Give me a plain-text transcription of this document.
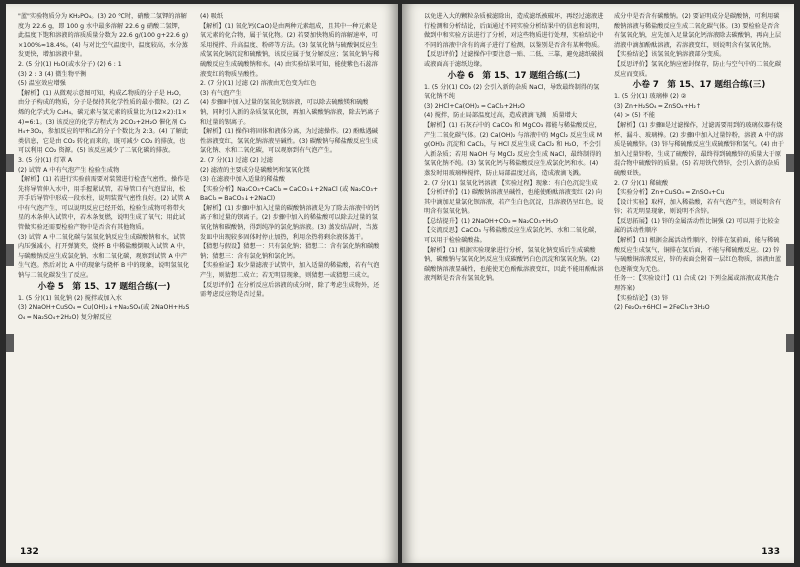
"蓝"实验物质分为 KH₂PO₄。(3) 20 ℃时，硝酸二氢钾的溶解度为 22.6 g，即 100 g 水中最多溶解 22.6 g 硝酸二氢钾，此温度下饱和溶液的溶质质量分数为 22.6 g/(100 g+22.6 g)×100%≈18.4%。(4) 与对比空气温度中，温度较高，水分蒸发更快，增加溶液中量。

2. (5 分)(1) H₂O(或水分子) (2) 6 : 1

(3) 2 : 3 (4) 微生物平衡

(5) 温室效应增强

【解析】(1) 从微观示意图可知，构成乙物质的分子是 H₂O，由分子构成的物质，分子是保持其化学性质的最小微粒。(2) 乙烯的化学式为 C₂H₄，碳元素与氢元素的质量比为(12×2):(1×4)=6:1。(3) 该反应的化学方程式为 2CO₂+2H₂O 催化剂 C₂H₄+3O₂，参加反应的甲和乙的分子个数比为 2:3。(4) 了解此类信息，它是由 CO₂ 转化而来的，既可减少 CO₂ 的排放，也可以利用 CO₂ 资源。(5) 该反应减少了二氧化碳的排放。

3. (5 分)(1) 灯罩 A

(2) 试管 A 中有气泡产生 检验生成物

【解析】(1) 若进行实验前需要对装置进行检查气密性，操作是先将导管伸入水中，用手握紧试管，若导管口有气泡冒出，松开手后导管中形成一段水柱，说明装置气密性良好。(2) 试管 A 中有气泡产生，可以说明反应已经开始，检验生成物可将带火星的木条伸入试管中，若木条复燃，说明生成了氧气；用此试管做实验还需要检验产物中是否含有其他物质。

(3) 试管 A 中二氧化碳与氢氧化钠反应生成碳酸钠和水，试管内压强减小，打开弹簧夹，烧杯 B 中稀盐酸倒吸入试管 A 中，与碳酸钠反应生成氯化钠、水和二氧化碳，观察到试管 A 中产生气泡。然后对比 A 中的现象与烧杯 B 中的现象，说明氢氧化钠与二氧化碳发生了反应。

小卷 5　第 15、17 题组合练(一)

1. (5 分)(1) 氧化钠 (2) 搅拌或加入水

(3) 2NaOH+CuSO₄ ═ Cu(OH)₂↓+Na₂SO₄(或 2NaOH+H₂SO₄ ═ Na₂SO₄+2H₂O) 复分解反应

(4) 吸纸

【解析】(1) 氧化钙(CaO)是由两种元素组成，且其中一种元素是氧元素的化合物，属于氧化物。(2) 若要加快物质的溶解速率，可采用搅拌、升高温度、粉碎等方法。(3) 氢氧化钠与硫酸铜反应生成氢氧化铜沉淀和硫酸钠，该反应属于复分解反应；氢氧化钠与稀硫酸反应生成硫酸钠和水。(4) 由实验结果可知，能使紫色石蕊溶液变红的物质呈酸性。

2. (7 分)(1) 过滤 (2) 溶液由无色变为红色

(3) 有气泡产生

(4) 步骤Ⅱ中加入过量的氢氧化钡溶液，可以除去硫酸镁和硫酸钠，同时引入新的杂质氢氧化钡，再加入碳酸钠溶液，除去钙离子和过量的钡离子。

【解析】(1) 操作Ⅰ将固体和液体分离，为过滤操作。(2) 酚酞遇碱性溶液变红，氢氧化钠溶液呈碱性。(3) 碳酸钠与稀盐酸反应生成氯化钠、水和二氧化碳，可以观察到有气泡产生。

2. (7 分)(1) 过滤 (2) 过滤

(2) 滤渣的主要成分是碳酸钙和氢氧化镁

(3) 在滤液中加入适量的稀盐酸

【实验分析】Na₂CO₃+CaCl₂ ═ CaCO₃↓+2NaCl (或 Na₂CO₃+BaCl₂ ═ BaCO₃↓+2NaCl)

【解析】(1) 步骤Ⅰ中加入过量的碳酸钠溶液是为了除去溶液中的钙离子和过量的钡离子。(2) 步骤中加入的稀盐酸可以除去过量的氢氧化钠和碳酸钠，得到纯净的氯化钠溶液。(3) 蒸发结晶时，当蒸发皿中出现较多固体时停止加热，利用余热将剩余液体蒸干。

【猜想与假设】猜想一：只有氯化钠；猜想二：含有氯化钠和碳酸钠；猜想三：含有氯化钠和氯化钙。

【实验验证】取少量滤液于试管中，加入适量的稀盐酸，若有气泡产生，则猜想二成立；若无明显现象，则猜想一或猜想三成立。

【反思评价】在分析反应后溶液的成分时，除了考虑生成物外，还需考虑反应物是否过量。

132

以免进入大的颗粒杂质被滤除出，造成滤纸被破坏，再经过滤液进行检测和分析结论，后面通过不同实验分析结果中的信息和说明，做到中和实验方法进行了分析，对这些物质进行处理，实验结论中不同的溶液中含有的离子进行了检测，以鉴别是否含有某种物质。

【反思评价】过滤操作中要注意一贴、二低、三靠，避免滤纸破损或液面高于滤纸边缘。

小卷 6　第 15、17 题组合练(二)

1. (5 分)(1) CO₂ (2) 会引入新的杂质 NaCl，导致最终制得的氢氧化钠不纯

(3) 2HCl+Ca(OH)₂ ═ CaCl₂+2H₂O

(4) 搅拌，防止局部温度过高，造成液滴飞溅　质量增大

【解析】(1) 石灰石中的 CaCO₃ 和 MgCO₃ 都能与稀盐酸反应，产生二氧化碳气体。(2) Ca(OH)₂ 与溶液中的 MgCl₂ 反应生成 Mg(OH)₂ 沉淀和 CaCl₂，与 HCl 反应生成 CaCl₂ 和 H₂O，不会引入新杂质；若用 NaOH 与 MgCl₂ 反应会生成 NaCl，最终制得的氢氧化钠不纯。(3) 氢氧化钙与稀盐酸反应生成氯化钙和水。(4) 蒸发时用玻璃棒搅拌，防止局部温度过高，造成液滴飞溅。

2. (7 分)(1) 氢氧化钙溶液 【实验过程】现象：有白色沉淀生成

【分析评价】(1) 碳酸钠溶液呈碱性，也能使酚酞溶液变红 (2) 向其中滴加足量氯化钡溶液，若产生白色沉淀，且溶液仍呈红色，说明含有氢氧化钠。

【总结提升】(1) 2NaOH+CO₂ ═ Na₂CO₃+H₂O

【交流反思】CaCO₃ 与稀盐酸反应生成氯化钙、水和二氧化碳，可以用于检验碳酸盐。

【解析】(1) 根据实验现象进行分析，氢氧化钠变质后生成碳酸钠，碳酸钠与氢氧化钙反应生成碳酸钙白色沉淀和氢氧化钠。(2) 碳酸钠溶液显碱性，也能使无色酚酞溶液变红，因此不能用酚酞溶液判断是否含有氢氧化钠。

成分中是否含有碳酸钠。(2) 要证明成分是碳酸钠，可利用碳酸钠溶液与稀盐酸反应生成二氧化碳气体。(3) 要检验是否含有氢氧化钠，应先加入足量氯化钙溶液除去碳酸钠，再向上层清液中滴加酚酞溶液，若溶液变红，则说明含有氢氧化钠。

【实验结论】该氢氧化钠溶液部分变质。

【反思评价】氢氧化钠应密封保存，防止与空气中的二氧化碳反应而变质。

小卷 7　第 15、17 题组合练(三)

1. (5 分)(1) 玻璃棒 (2) ②

(3) Zn+H₂SO₄ ═ ZnSO₄+H₂↑

(4) > (5) 不能

【解析】(1) 步骤Ⅱ是过滤操作，过滤需要用到的玻璃仪器有烧杯、漏斗、玻璃棒。(2) 步骤Ⅰ中加入过量锌粉，溶液 A 中的溶质是硫酸锌。(3) 锌与稀硫酸反应生成硫酸锌和氢气。(4) 由于加入过量锌粉，生成了硫酸锌，最终得到硫酸锌的质量大于原混合物中硫酸锌的质量。(5) 若用铁代替锌，会引入新的杂质硫酸亚铁。

2. (7 分)(1) 稀硫酸

【实验分析】Zn+CuSO₄ ═ ZnSO₄+Cu

【设计实验】取样，加入稀盐酸，若有气泡产生，则说明含有锌；若无明显现象，则说明不含锌。

【反思拓展】(1) 锌的金属活动性比铜强 (2) 可以用于比较金属的活动性顺序

【解析】(1) 根据金属活动性顺序，锌排在氢前面，能与稀硫酸反应生成氢气，铜排在氢后面，不能与稀硫酸反应。(2) 锌与硫酸铜溶液反应，锌的表面会附着一层红色物质，溶液由蓝色逐渐变为无色。

任务一：【实验设计】(1) 合成 (2) 下列金属或溶液(或其他合理答案)

【实验结论】(3) 锌

(2) Fe₂O₃+6HCl ═ 2FeCl₃+3H₂O

133
